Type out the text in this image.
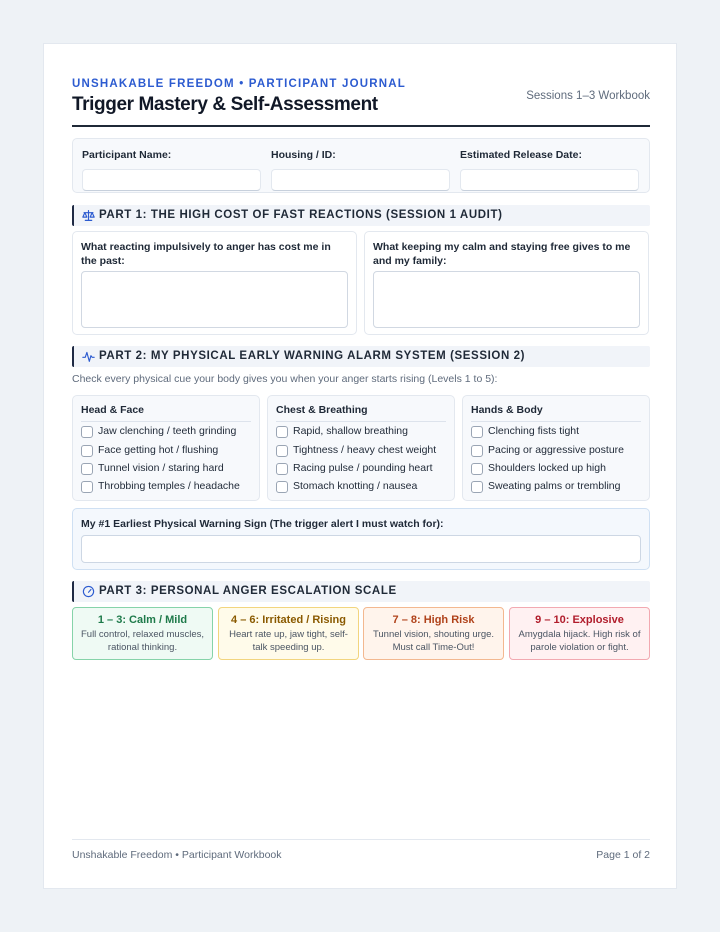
UNSHAKABLE FREEDOM • PARTICIPANT JOURNAL
Trigger Mastery & Self-Assessment	Sessions 1–3 Workbook
Participant Name:	Housing / ID:	Estimated Release Date:
PART 1: THE HIGH COST OF FAST REACTIONS (SESSION 1 AUDIT)
What reacting impulsively to anger has cost me in the past:
What keeping my calm and staying free gives to me and my family:
PART 2: MY PHYSICAL EARLY WARNING ALARM SYSTEM (SESSION 2)
Check every physical cue your body gives you when your anger starts rising (Levels 1 to 5):
Head & Face
Jaw clenching / teeth grinding
Face getting hot / flushing
Tunnel vision / staring hard
Throbbing temples / headache
Chest & Breathing
Rapid, shallow breathing
Tightness / heavy chest weight
Racing pulse / pounding heart
Stomach knotting / nausea
Hands & Body
Clenching fists tight
Pacing or aggressive posture
Shoulders locked up high
Sweating palms or trembling
My #1 Earliest Physical Warning Sign (The trigger alert I must watch for):
PART 3: PERSONAL ANGER ESCALATION SCALE
1 – 3: Calm / Mild
Full control, relaxed muscles, rational thinking.
4 – 6: Irritated / Rising
Heart rate up, jaw tight, self-talk speeding up.
7 – 8: High Risk
Tunnel vision, shouting urge. Must call Time-Out!
9 – 10: Explosive
Amygdala hijack. High risk of parole violation or fight.
Unshakable Freedom • Participant Workbook	Page 1 of 2
